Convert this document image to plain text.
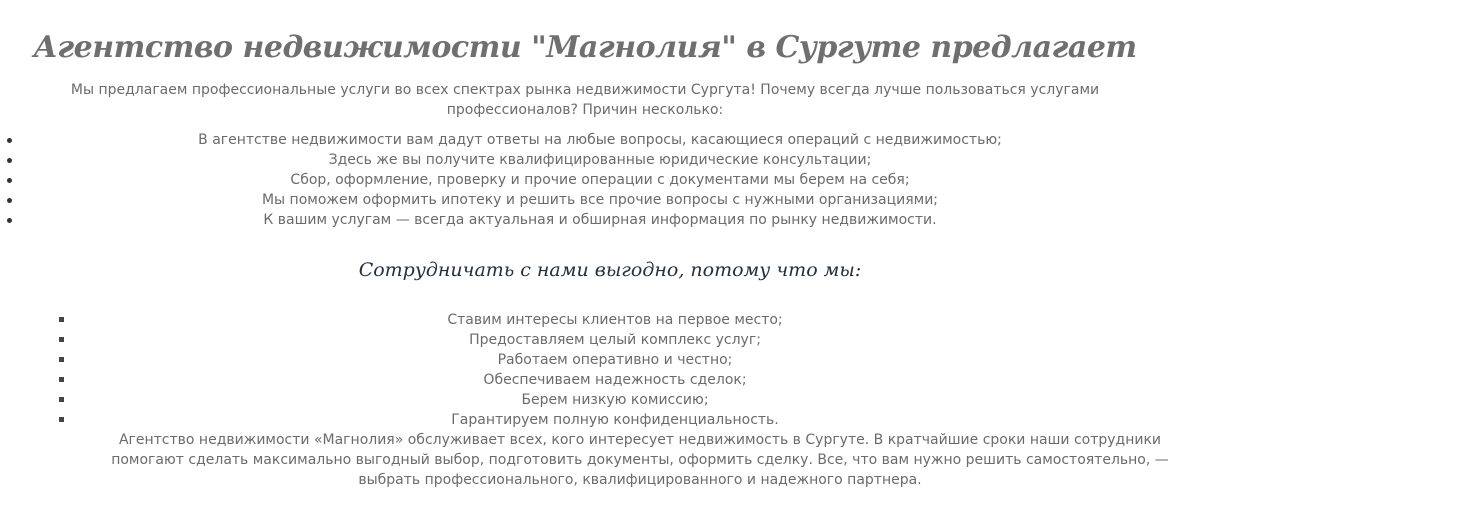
Агентство недвижимости "Магнолия" в Сургуте предлагает

Мы предлагаем профессиональные услуги во всех спектрах рынка недвижимости Сургута! Почему всегда лучше пользоваться услугами профессионалов? Причин несколько:

В агентстве недвижимости вам дадут ответы на любые вопросы, касающиеся операций с недвижимостью;
Здесь же вы получите квалифицированные юридические консультации;
Сбор, оформление, проверку и прочие операции с документами мы берем на себя;
Мы поможем оформить ипотеку и решить все прочие вопросы с нужными организациями;
К вашим услугам — всегда актуальная и обширная информация по рынку недвижимости.
Сотрудничать с нами выгодно, потому что мы:
Ставим интересы клиентов на первое место;
Предоставляем целый комплекс услуг;
Работаем оперативно и честно;
Обеспечиваем надежность сделок;
Берем низкую комиссию;
Гарантируем полную конфиденциальность.

Агентство недвижимости «Магнолия» обслуживает всех, кого интересует недвижимость в Сургуте. В кратчайшие сроки наши сотрудники помогают сделать максимально выгодный выбор, подготовить документы, оформить сделку. Все, что вам нужно решить самостоятельно, — выбрать профессионального, квалифицированного и надежного партнера.
